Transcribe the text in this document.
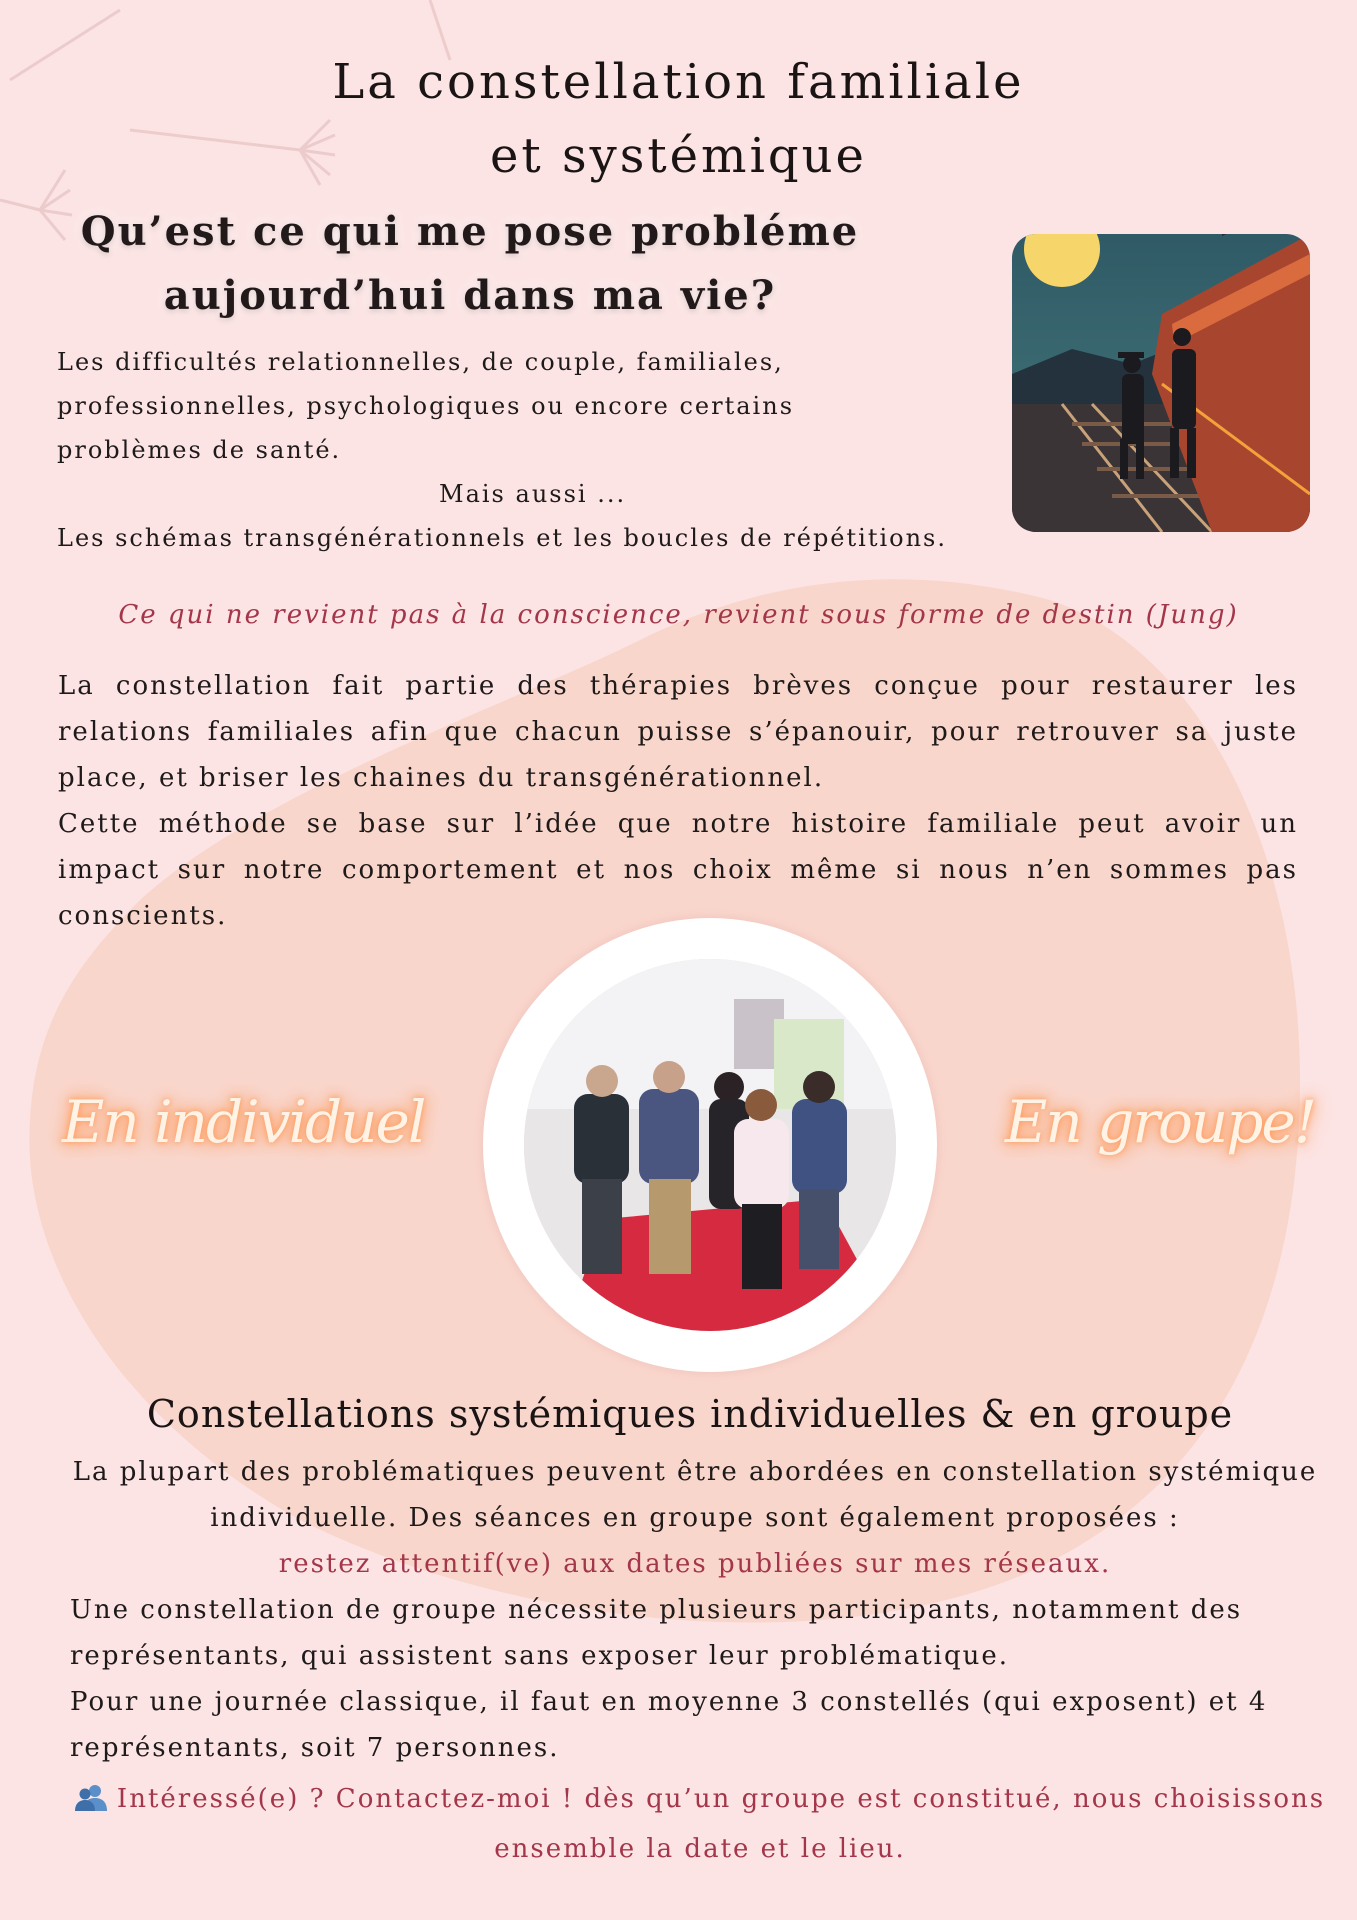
La constellation familiale
et systémique
Qu’est ce qui me pose probléme
aujourd’hui dans ma vie?
Les difficultés relationnelles, de couple, familiales,
professionnelles, psychologiques ou encore certains
problèmes de santé.
Mais aussi ...
Les schémas transgénérationnels et les boucles de répétitions.
Ce qui ne revient pas à la conscience, revient sous forme de destin (Jung)

La constellation fait partie des thérapies brèves conçue pour restaurer les relations familiales afin que chacun puisse s’épanouir, pour retrouver sa juste place, et briser les chaines du transgénérationnel.

Cette méthode se base sur l’idée que notre histoire familiale peut avoir un impact sur notre comportement et nos choix même si nous n’en sommes pas conscients.

En individuel	En groupe!
Constellations systémiques individuelles & en groupe
La plupart des problématiques peuvent être abordées en constellation systémique individuelle. Des séances en groupe sont également proposées :
restez attentif(ve) aux dates publiées sur mes réseaux.
Une constellation de groupe nécessite plusieurs participants, notamment des représentants, qui assistent sans exposer leur problématique.
Pour une journée classique, il faut en moyenne 3 constellés (qui exposent) et 4 représentants, soit 7 personnes.
Intéressé(e) ? Contactez-moi ! dès qu’un groupe est constitué, nous choisissons ensemble la date et le lieu.
